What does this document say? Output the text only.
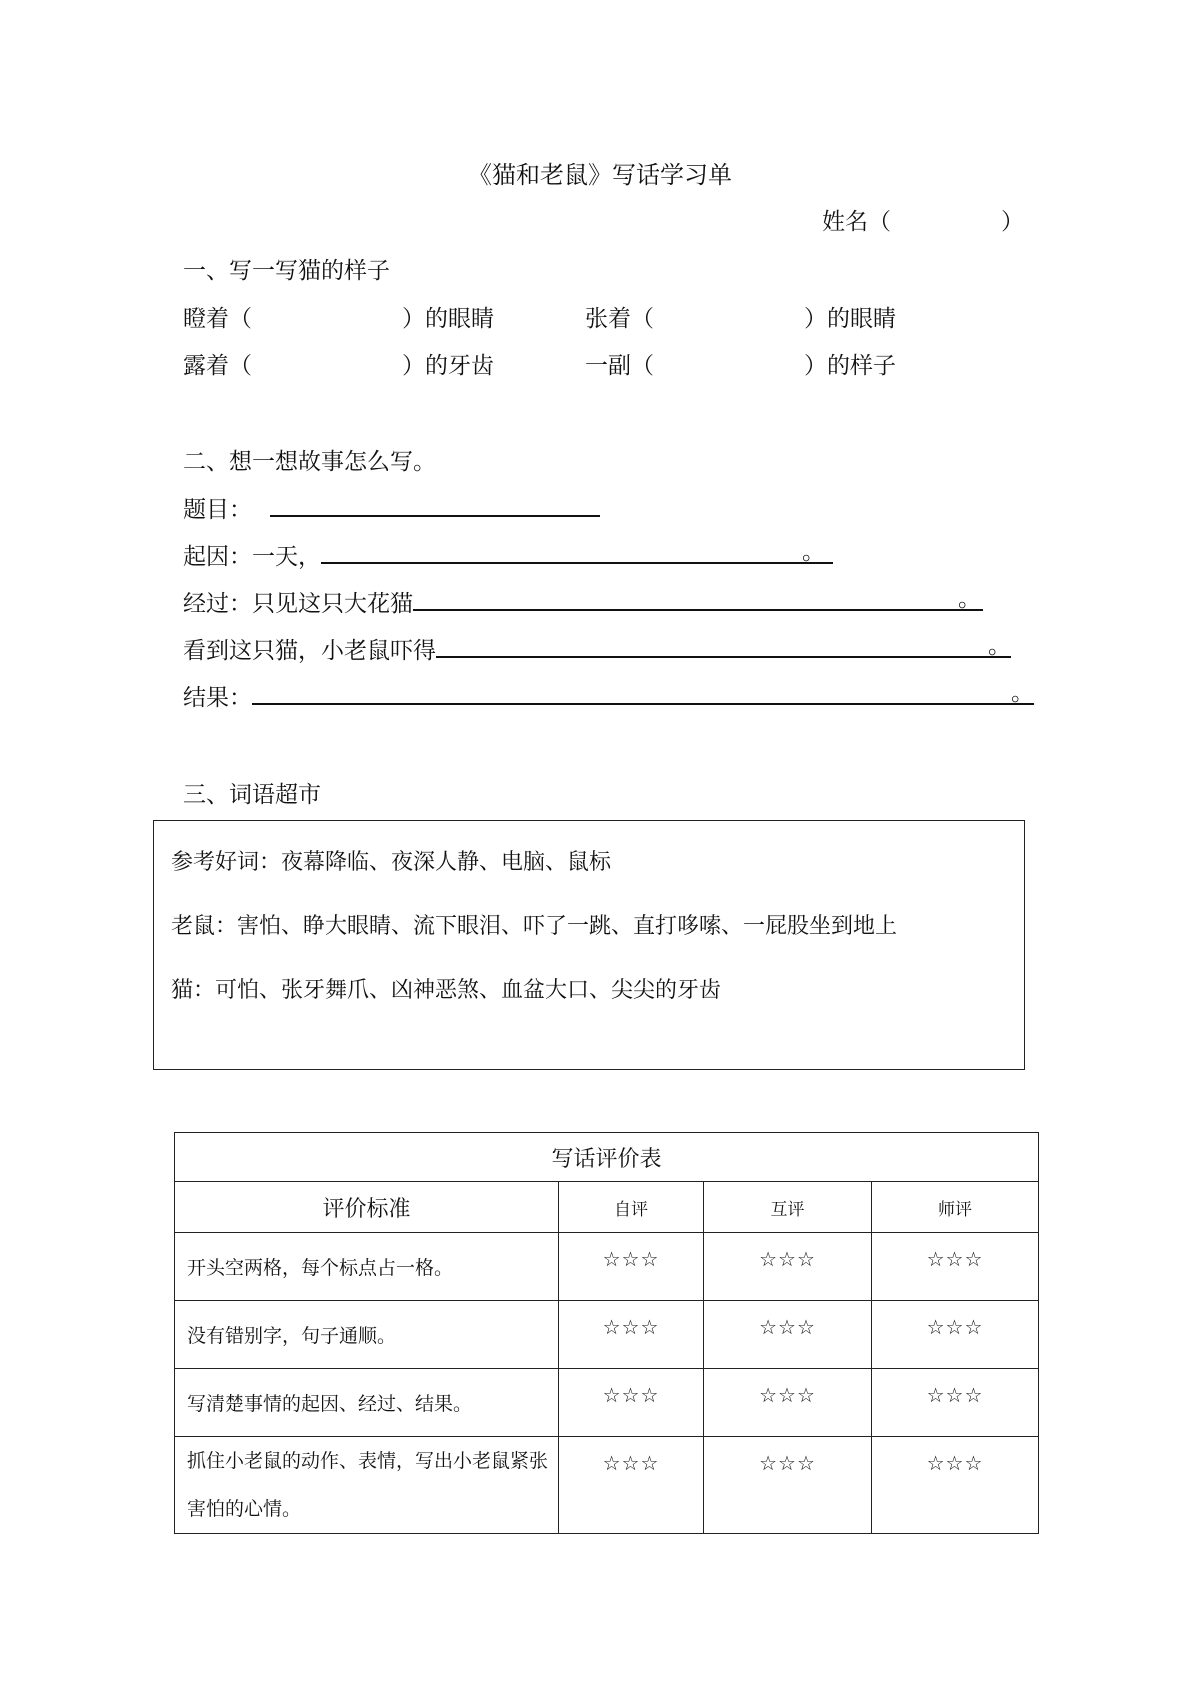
《猫和老鼠》写话学习单
姓名（	）
一、写一写猫的样子
瞪着（	）的眼睛	张着（	）的眼睛
露着（	）的牙齿	一副（	）的样子
二、想一想故事怎么写。
题目：
起因：一天，	。
经过：只见这只大花猫	。
看到这只猫，小老鼠吓得	。
结果：	。
三、词语超市
参考好词：夜幕降临、夜深人静、电脑、鼠标
老鼠：害怕、睁大眼睛、流下眼泪、吓了一跳、直打哆嗦、一屁股坐到地上
猫：可怕、张牙舞爪、凶神恶煞、血盆大口、尖尖的牙齿
写话评价表			
评价标准	自评	互评	师评
开头空两格，每个标点占一格。	☆☆☆	☆☆☆	☆☆☆
没有错别字，句子通顺。	☆☆☆	☆☆☆	☆☆☆
写清楚事情的起因、经过、结果。	☆☆☆	☆☆☆	☆☆☆
抓住小老鼠的动作、表情，写出小老鼠紧张害怕的心情。	☆☆☆	☆☆☆	☆☆☆
